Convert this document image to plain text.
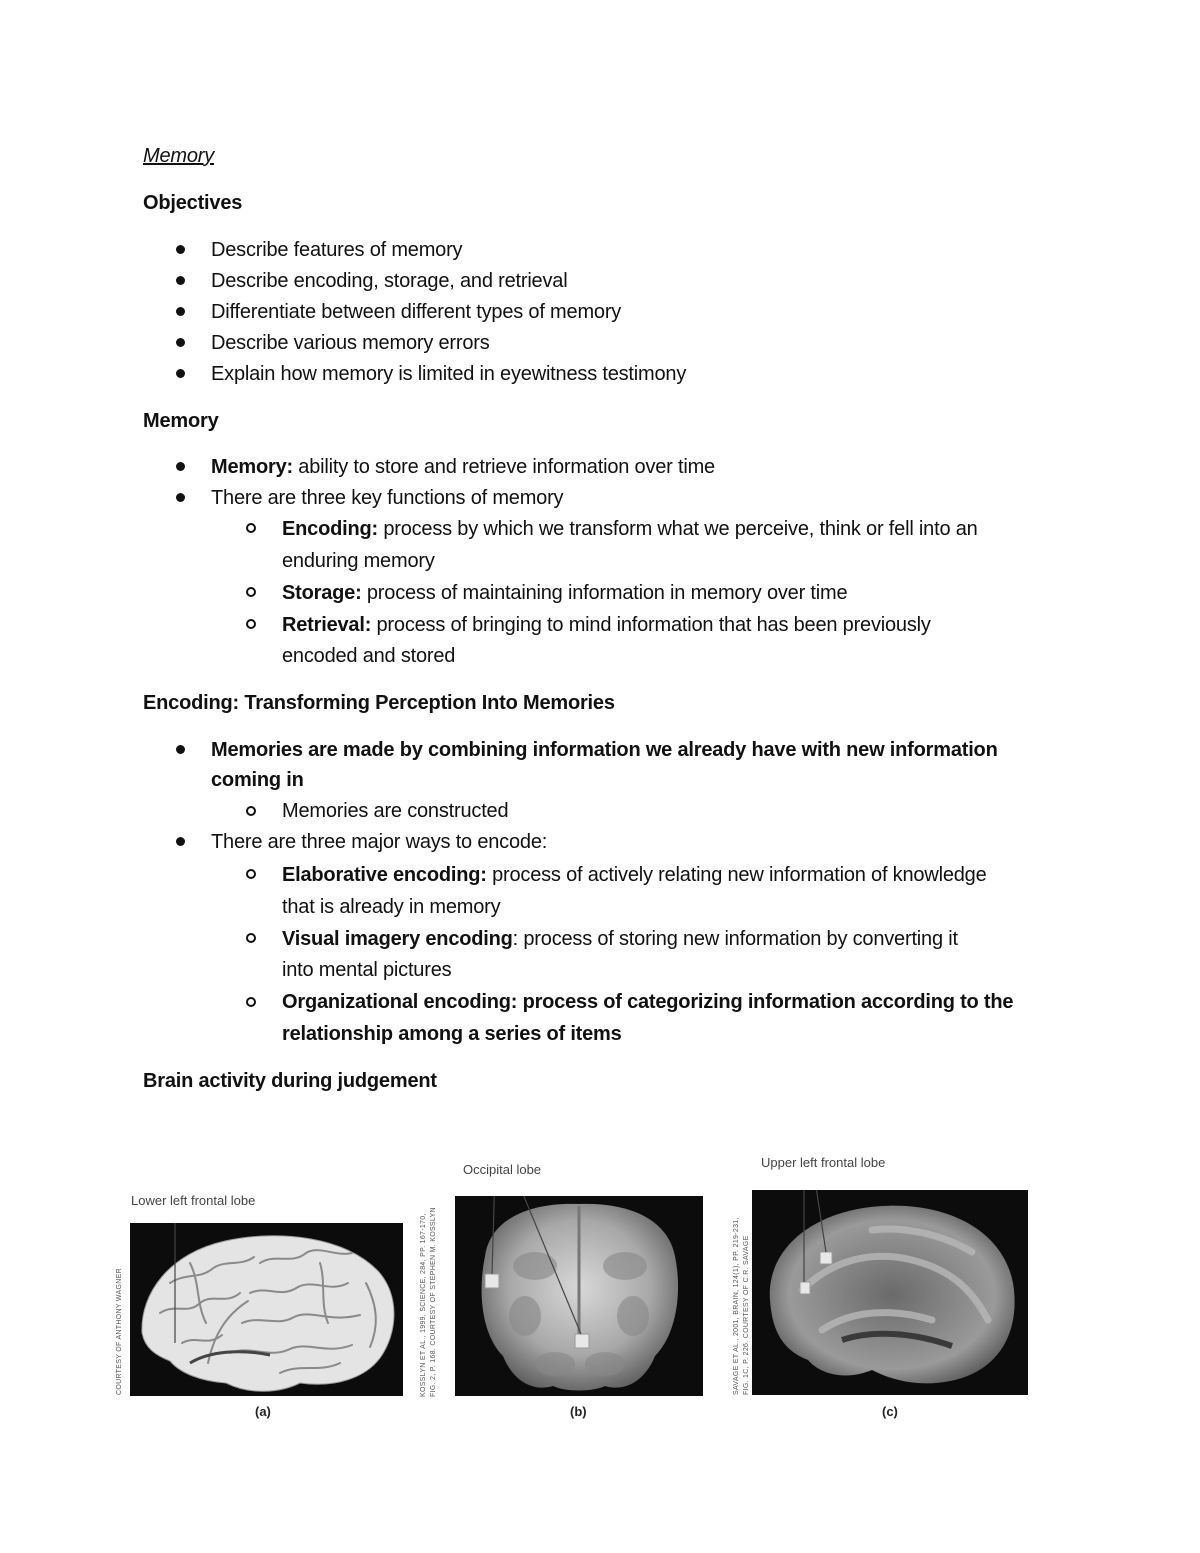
Memory
Objectives
Describe features of memory
Describe encoding, storage, and retrieval
Differentiate between different types of memory
Describe various memory errors
Explain how memory is limited in eyewitness testimony
Memory
Memory: ability to store and retrieve information over time
There are three key functions of memory
Encoding: process by which we transform what we perceive, think or fell into an
enduring memory
Storage: process of maintaining information in memory over time
Retrieval: process of bringing to mind information that has been previously
encoded and stored
Encoding: Transforming Perception Into Memories
Memories are made by combining information we already have with new information
coming in
Memories are constructed
There are three major ways to encode:
Elaborative encoding: process of actively relating new information of knowledge
that is already in memory
Visual imagery encoding: process of storing new information by converting it
into mental pictures
Organizational encoding: process of categorizing information according to the
relationship among a series of items
Brain activity during judgement
Lower left frontal lobe
COURTESY OF ANTHONY WAGNER
(a)
Occipital lobe
KOSSLYN ET AL., 1999, SCIENCE, 284, PP. 167-170, FIG. 2, P. 168. COURTESY OF STEPHEN M. KOSSLYN
(b)
Upper left frontal lobe
SAVAGE ET AL., 2001, BRAIN, 124(1), PP. 219-231, FIG. 1C, P. 226. COURTESY OF C.R. SAVAGE
(c)
